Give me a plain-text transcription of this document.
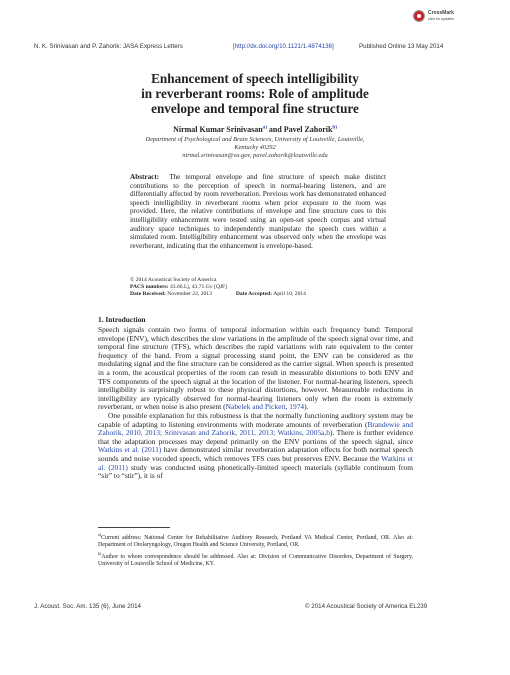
N. K. Srinivasan and P. Zahorik: JASA Express Letters	[http://dx.doi.org/10.1121/1.4874136]	Published Online 13 May 2014
CrossMark
click for updates
Enhancement of speech intelligibility
in reverberant rooms: Role of amplitude
envelope and temporal fine structure
Nirmal Kumar Srinivasan$^{a)}$ and Pavel Zahorik$^{b)}$
Department of Psychological and Brain Sciences, University of Louisville, Louisville,
Kentucky 40292
nirmal.srinivasan@va.gov, pavel.zahorik@louisville.edu
Abstract: The temporal envelope and fine structure of speech make distinct contributions to the perception of speech in normal-hearing listeners, and are differentially affected by room reverberation. Previous work has demonstrated enhanced speech intelligibility in reverberant rooms when prior exposure to the room was provided. Here, the relative contributions of envelope and fine structure cues to this intelligibility enhancement were tested using an open-set speech corpus and virtual auditory space techniques to independently manipulate the speech cues within a simulated room. Intelligibility enhancement was observed only when the envelope was reverberant, indicating that the enhancement is envelope-based.
© 2014 Acoustical Society of America
PACS numbers: 43.66.Lj, 43.71.Gv [QJF]
Date Received: November 22, 2013	Date Accepted: April 10, 2014
1. Introduction

Speech signals contain two forms of temporal information within each frequency band: Temporal envelope (ENV), which describes the slow variations in the amplitude of the speech signal over time, and temporal fine structure (TFS), which describes the rapid variations with rate equivalent to the center frequency of the band. From a signal processing stand point, the ENV can be considered as the modulating signal and the fine structure can be considered as the carrier signal. When speech is presented in a room, the acoustical properties of the room can result in measurable distortions to both ENV and TFS components of the speech signal at the location of the listener. For normal-hearing listeners, speech intelligibility is surprisingly robust to these physical distortions, however. Measureable reductions in intelligibility are typically observed for normal-hearing listeners only when the room is extremely reverberant, or when noise is also present (Nabelek and Pickett, 1974).

One possible explanation for this robustness is that the normally functioning auditory system may be capable of adapting to listening environments with moderate amounts of reverberation (Brandewie and Zahorik, 2010, 2013; Srinivasan and Zahorik, 2011, 2013; Watkins, 2005a,b). There is further evidence that the adaptation processes may depend primarily on the ENV portions of the speech signal, since Watkins et al. (2011) have demonstrated similar reverberation adaptation effects for both normal speech sounds and noise vocoded speech, which removes TFS cues but preserves ENV. Because the Watkins et al. (2011) study was conducted using phonetically-limited speech materials (syllable continuum from “sir” to “stir”), it is of

$^{a)}$Current address: National Center for Rehabilitative Auditory Research, Portland VA Medical Center, Portland, OR. Also at: Department of Otolaryngology, Oregon Health and Science University, Portland, OR.

$^{b)}$Author to whom correspondence should be addressed. Also at: Division of Communicative Disorders, Department of Surgery, University of Louisville School of Medicine, KY.

J. Acoust. Soc. Am. 135 (6), June 2014	© 2014 Acoustical Society of America EL239
